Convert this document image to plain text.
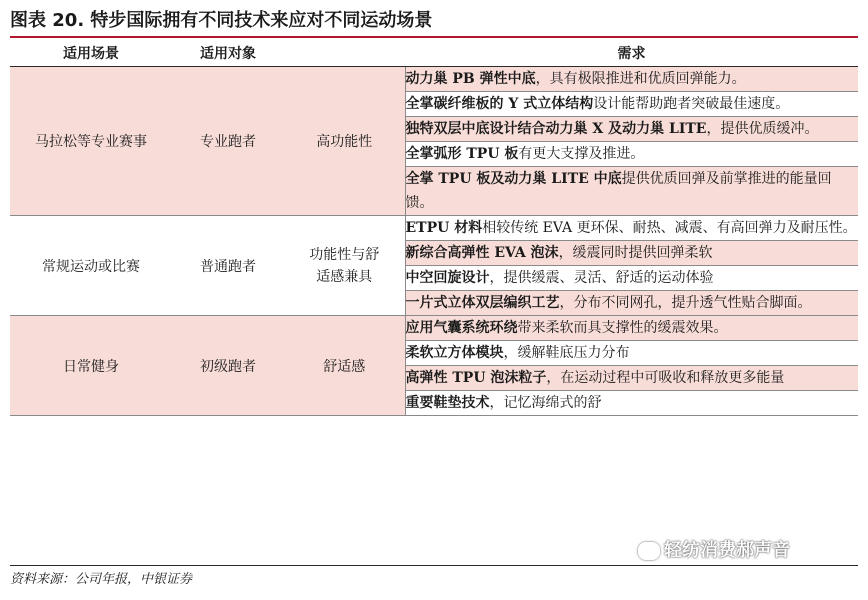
图表 20. 特步国际拥有不同技术来应对不同运动场景
适用场景	适用对象		需求
马拉松等专业赛事	专业跑者	高功能性	动力巢 PB 弹性中底，具有极限推进和优质回弹能力。
			全掌碳纤维板的 Y 式立体结构设计能帮助跑者突破最佳速度。
			独特双层中底设计结合动力巢 X 及动力巢 LITE，提供优质缓冲。
			全掌弧形 TPU 板有更大支撑及推进。
			全掌 TPU 板及动力巢 LITE 中底提供优质回弹及前掌推进的能量回馈。
常规运动或比赛	普通跑者	功能性与舒适感兼具	ETPU 材料相较传统 EVA 更环保、耐热、减震、有高回弹力及耐压性。
			新综合高弹性 EVA 泡沫，缓震同时提供回弹柔软
			中空回旋设计，提供缓震、灵活、舒适的运动体验
			一片式立体双层编织工艺，分布不同网孔，提升透气性贴合脚面。
日常健身	初级跑者	舒适感	应用气囊系统环绕带来柔软而具支撑性的缓震效果。
			柔软立方体模块，缓解鞋底压力分布
			高弹性 TPU 泡沫粒子，在运动过程中可吸收和释放更多能量
			重要鞋垫技术，记忆海绵式的舒
轻纺消费郝声音
资料来源：公司年报，中银证券
